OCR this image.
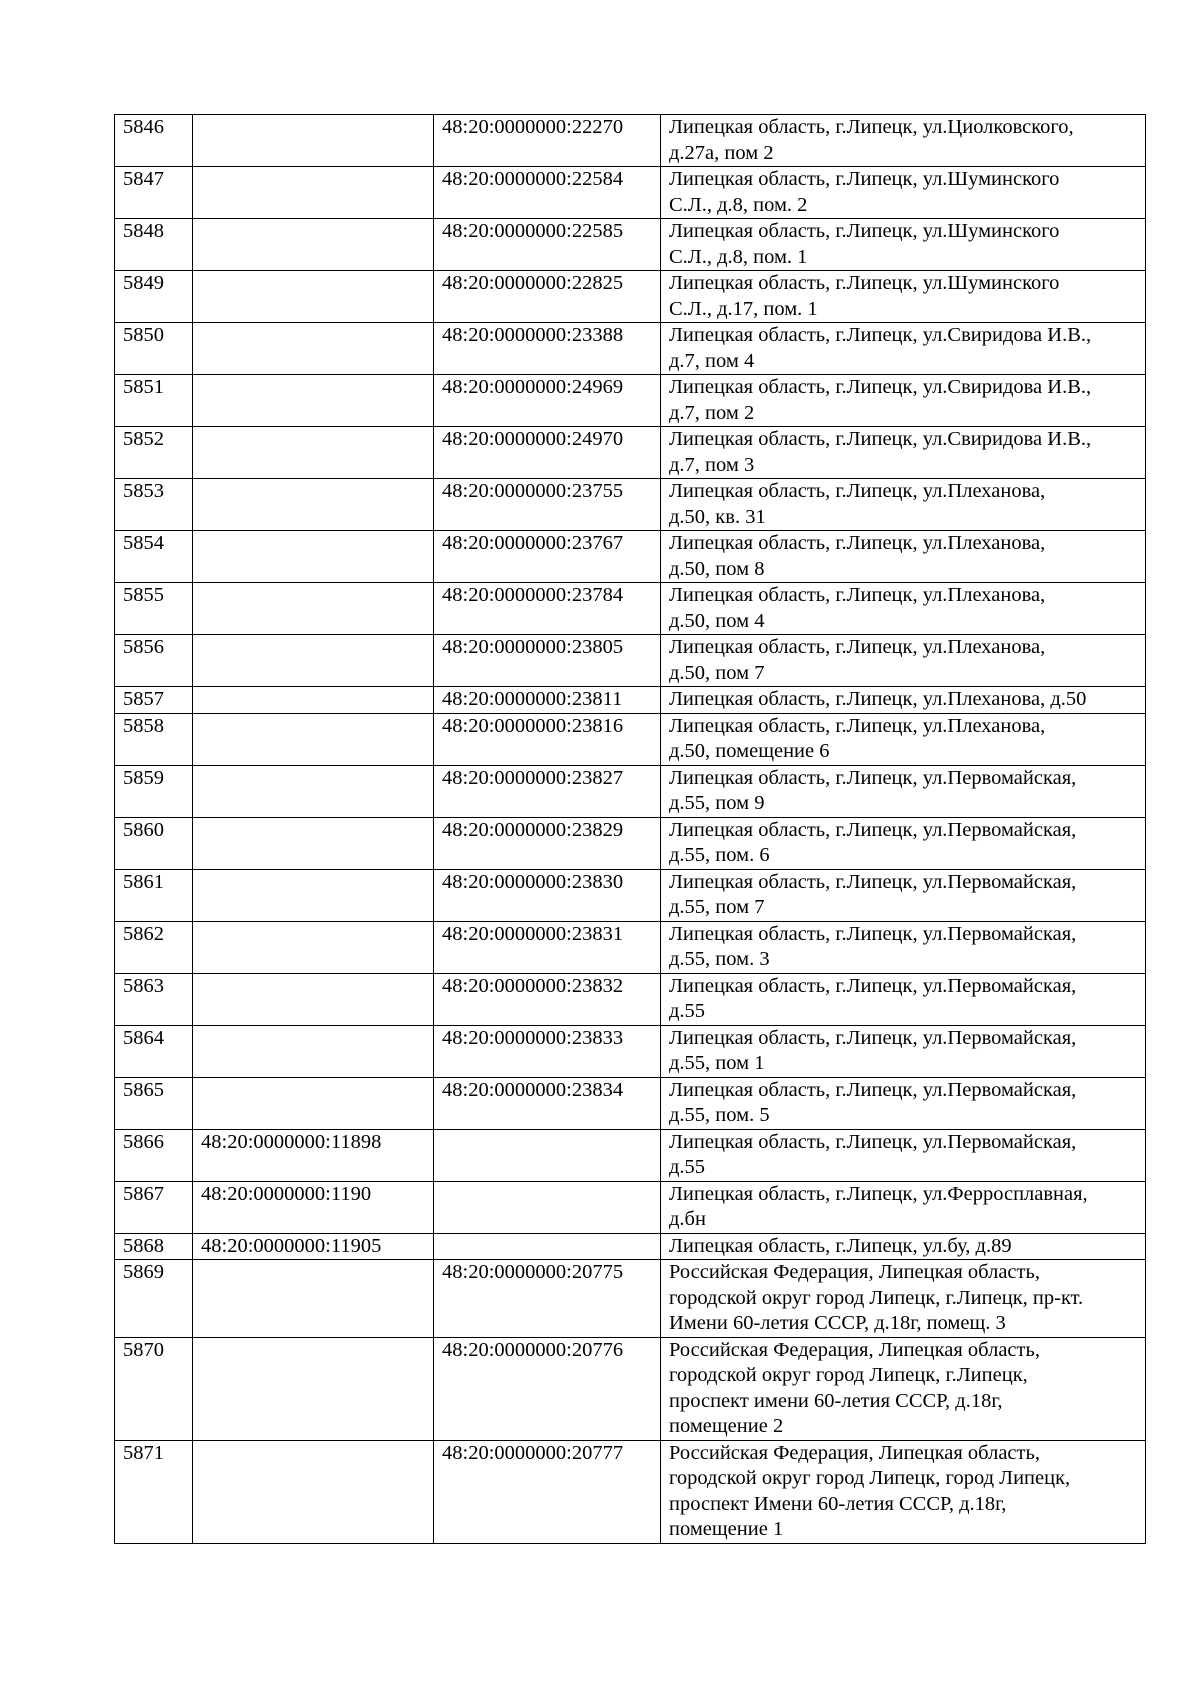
5846		48:20:0000000:22270	Липецкая область, г.Липецк, ул.Циолковского,
д.27а, пом 2
5847		48:20:0000000:22584	Липецкая область, г.Липецк, ул.Шуминского
С.Л., д.8, пом. 2
5848		48:20:0000000:22585	Липецкая область, г.Липецк, ул.Шуминского
С.Л., д.8, пом. 1
5849		48:20:0000000:22825	Липецкая область, г.Липецк, ул.Шуминского
С.Л., д.17, пом. 1
5850		48:20:0000000:23388	Липецкая область, г.Липецк, ул.Свиридова И.В.,
д.7, пом 4
5851		48:20:0000000:24969	Липецкая область, г.Липецк, ул.Свиридова И.В.,
д.7, пом 2
5852		48:20:0000000:24970	Липецкая область, г.Липецк, ул.Свиридова И.В.,
д.7, пом 3
5853		48:20:0000000:23755	Липецкая область, г.Липецк, ул.Плеханова,
д.50, кв. 31
5854		48:20:0000000:23767	Липецкая область, г.Липецк, ул.Плеханова,
д.50, пом 8
5855		48:20:0000000:23784	Липецкая область, г.Липецк, ул.Плеханова,
д.50, пом 4
5856		48:20:0000000:23805	Липецкая область, г.Липецк, ул.Плеханова,
д.50, пом 7
5857		48:20:0000000:23811	Липецкая область, г.Липецк, ул.Плеханова, д.50
5858		48:20:0000000:23816	Липецкая область, г.Липецк, ул.Плеханова,
д.50, помещение 6
5859		48:20:0000000:23827	Липецкая область, г.Липецк, ул.Первомайская,
д.55, пом 9
5860		48:20:0000000:23829	Липецкая область, г.Липецк, ул.Первомайская,
д.55, пом. 6
5861		48:20:0000000:23830	Липецкая область, г.Липецк, ул.Первомайская,
д.55, пом 7
5862		48:20:0000000:23831	Липецкая область, г.Липецк, ул.Первомайская,
д.55, пом. 3
5863		48:20:0000000:23832	Липецкая область, г.Липецк, ул.Первомайская,
д.55
5864		48:20:0000000:23833	Липецкая область, г.Липецк, ул.Первомайская,
д.55, пом 1
5865		48:20:0000000:23834	Липецкая область, г.Липецк, ул.Первомайская,
д.55, пом. 5
5866	48:20:0000000:11898		Липецкая область, г.Липецк, ул.Первомайская,
д.55
5867	48:20:0000000:1190		Липецкая область, г.Липецк, ул.Ферросплавная,
д.бн
5868	48:20:0000000:11905		Липецкая область, г.Липецк, ул.бу, д.89
5869		48:20:0000000:20775	Российская Федерация, Липецкая область,
городской округ город Липецк, г.Липецк, пр-кт.
Имени 60-летия СССР, д.18г, помещ. 3
5870		48:20:0000000:20776	Российская Федерация, Липецкая область,
городской округ город Липецк, г.Липецк,
проспект имени 60-летия СССР, д.18г,
помещение 2
5871		48:20:0000000:20777	Российская Федерация, Липецкая область,
городской округ город Липецк, город Липецк,
проспект Имени 60-летия СССР, д.18г,
помещение 1
